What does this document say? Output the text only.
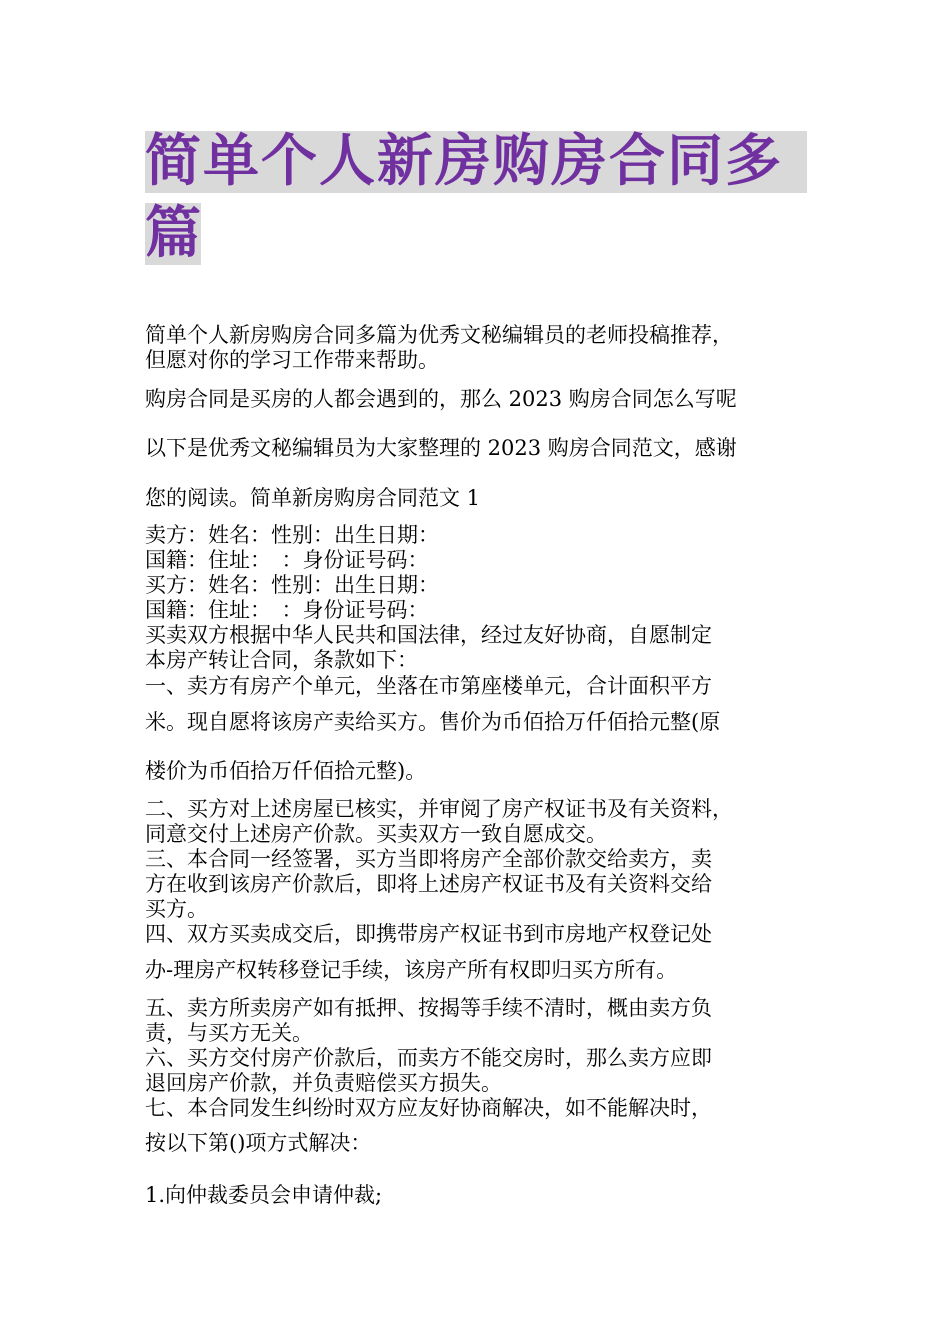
简单个人新房购房合同多
篇
简单个人新房购房合同多篇为优秀文秘编辑员的老师投稿推荐，
但愿对你的学习工作带来帮助。
购房合同是买房的人都会遇到的，那么 2023 购房合同怎么写呢
以下是优秀文秘编辑员为大家整理的 2023 购房合同范文，感谢
您的阅读。简单新房购房合同范文 1
卖方：姓名：性别：出生日期：
国籍：住址：　：身份证号码：
买方：姓名：性别：出生日期：
国籍：住址：　：身份证号码：
买卖双方根据中华人民共和国法律，经过友好协商，自愿制定
本房产转让合同，条款如下：
一、卖方有房产个单元，坐落在市第座楼单元，合计面积平方
米。现自愿将该房产卖给买方。售价为币佰拾万仟佰拾元整(原
楼价为币佰拾万仟佰拾元整)。
二、买方对上述房屋已核实，并审阅了房产权证书及有关资料，
同意交付上述房产价款。买卖双方一致自愿成交。
三、本合同一经签署，买方当即将房产全部价款交给卖方，卖
方在收到该房产价款后，即将上述房产权证书及有关资料交给
买方。
四、双方买卖成交后，即携带房产权证书到市房地产权登记处
办-理房产权转移登记手续，该房产所有权即归买方所有。
五、卖方所卖房产如有抵押、按揭等手续不清时，概由卖方负
责，与买方无关。
六、买方交付房产价款后，而卖方不能交房时，那么卖方应即
退回房产价款，并负责赔偿买方损失。
七、本合同发生纠纷时双方应友好协商解决，如不能解决时，
按以下第()项方式解决：
1.向仲裁委员会申请仲裁;
